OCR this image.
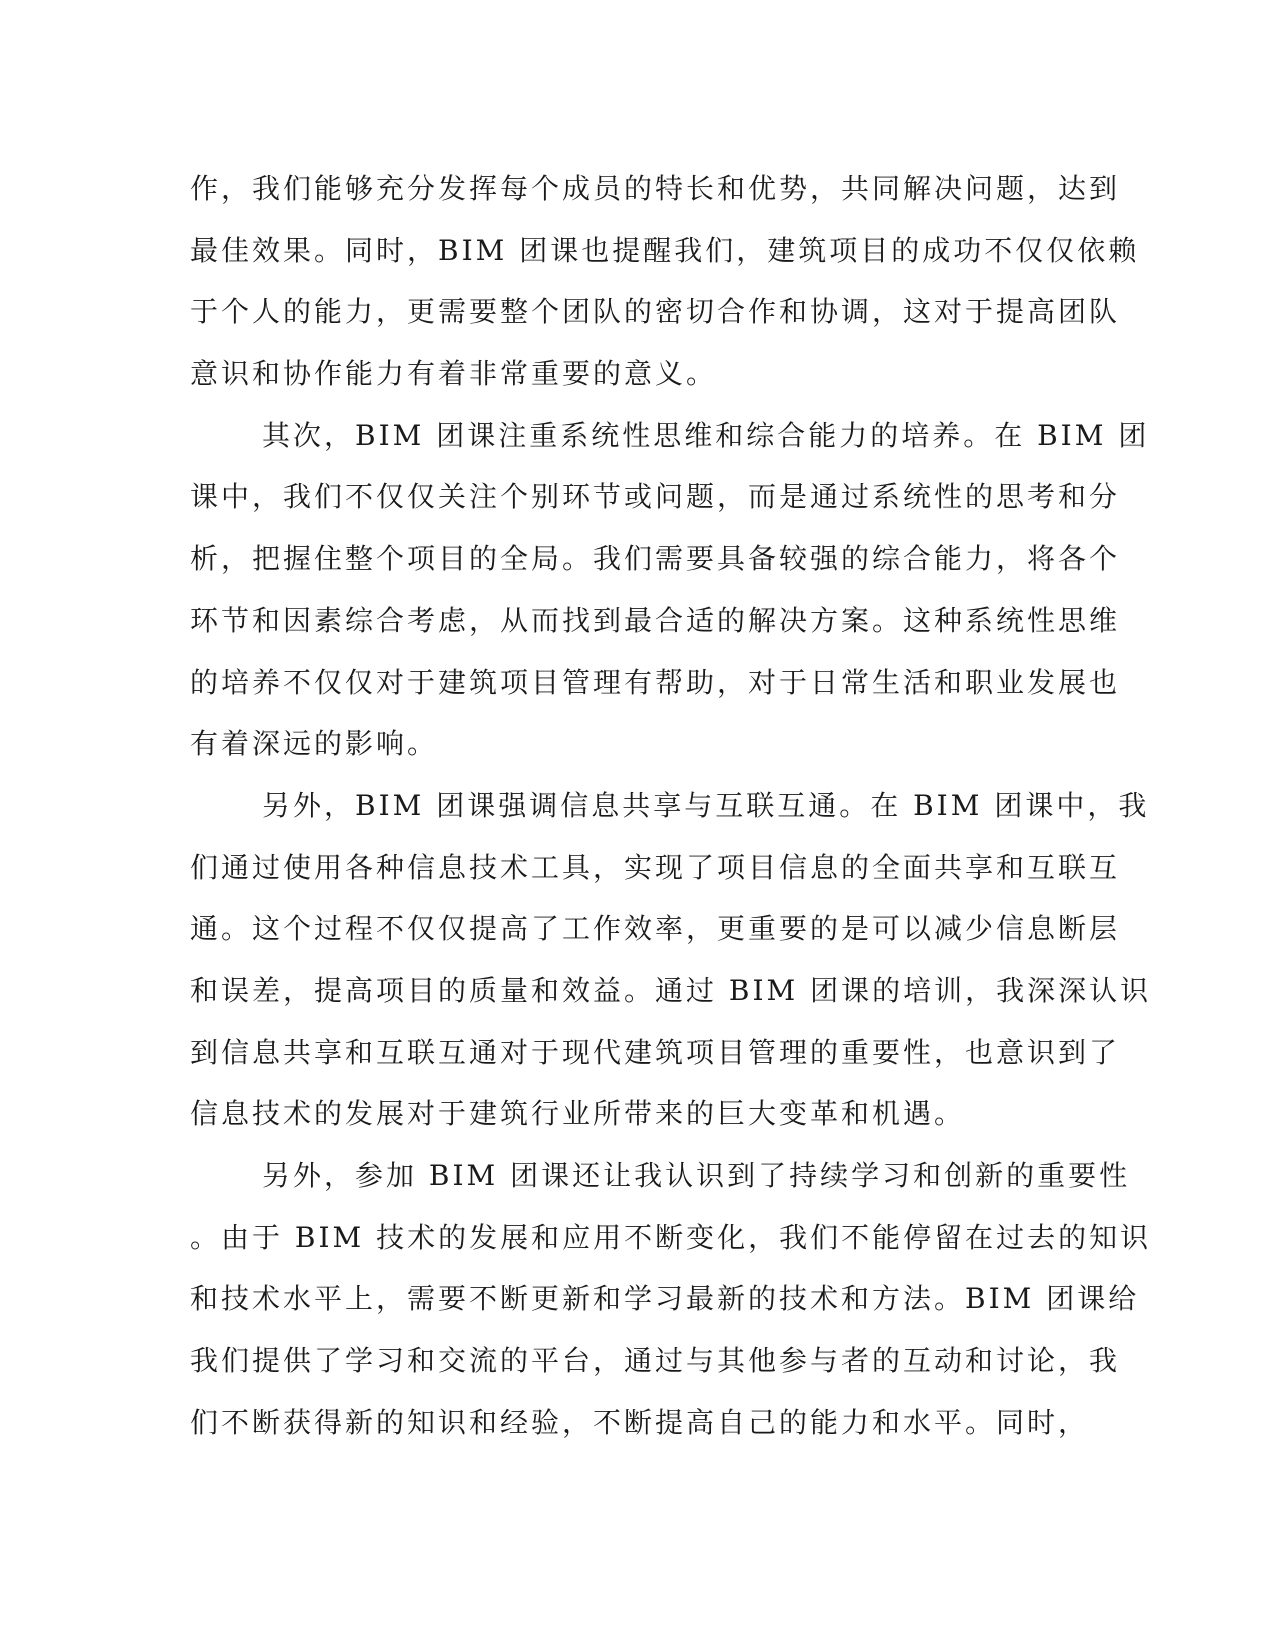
作，我们能够充分发挥每个成员的特长和优势，共同解决问题，达到
最佳效果。同时，BIM 团课也提醒我们，建筑项目的成功不仅仅依赖
于个人的能力，更需要整个团队的密切合作和协调，这对于提高团队
意识和协作能力有着非常重要的意义。
其次，BIM 团课注重系统性思维和综合能力的培养。在 BIM 团
课中，我们不仅仅关注个别环节或问题，而是通过系统性的思考和分
析，把握住整个项目的全局。我们需要具备较强的综合能力，将各个
环节和因素综合考虑，从而找到最合适的解决方案。这种系统性思维
的培养不仅仅对于建筑项目管理有帮助，对于日常生活和职业发展也
有着深远的影响。
另外，BIM 团课强调信息共享与互联互通。在 BIM 团课中，我
们通过使用各种信息技术工具，实现了项目信息的全面共享和互联互
通。这个过程不仅仅提高了工作效率，更重要的是可以减少信息断层
和误差，提高项目的质量和效益。通过 BIM 团课的培训，我深深认识
到信息共享和互联互通对于现代建筑项目管理的重要性，也意识到了
信息技术的发展对于建筑行业所带来的巨大变革和机遇。
另外，参加 BIM 团课还让我认识到了持续学习和创新的重要性
。由于 BIM 技术的发展和应用不断变化，我们不能停留在过去的知识
和技术水平上，需要不断更新和学习最新的技术和方法。BIM 团课给
我们提供了学习和交流的平台，通过与其他参与者的互动和讨论，我
们不断获得新的知识和经验，不断提高自己的能力和水平。同时，
